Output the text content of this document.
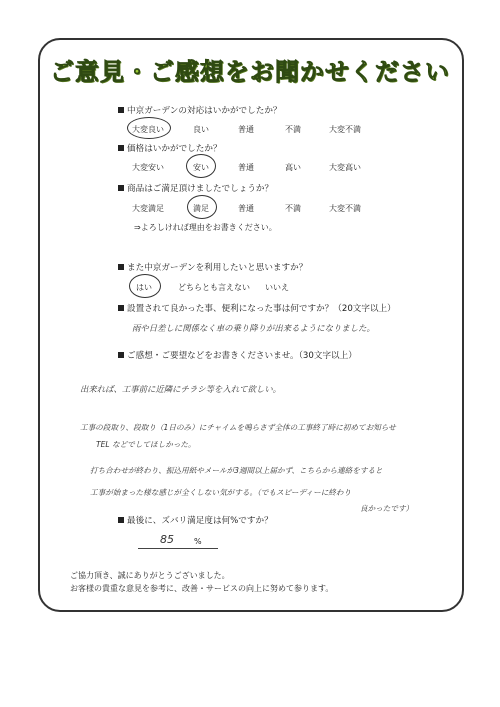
ご意見・ご感想をお聞かせください
中京ガーデンの対応はいかがでしたか？
大変良い	良い	普通	不満	大変不満
価格はいかがでしたか？
大変安い	安い	普通	高い	大変高い
商品はご満足頂けましたでしょうか？
大変満足	満足	普通	不満	大変不満
⇒よろしければ理由をお書きください。
また中京ガーデンを利用したいと思いますか？
はい	どちらとも言えない いいえ
設置されて良かった事、便利になった事は何ですか？（20文字以上）
雨や日差しに関係なく車の乗り降りが出来るようになりました。
ご感想・ご要望などをお書きくださいませ。（30文字以上）
出来れば、工事前に近隣にチラシ等を入れて欲しい。
工事の段取り、段取り（1日のみ）にチャイムを鳴らさず全体の工事終了時に初めてお知らせ
TEL などでしてほしかった。
打ち合わせが終わり、振込用紙やメールが3週間以上届かず、こちらから連絡をすると
工事が始まった様な感じが全くしない気がする。（でもスピーディーに終わり
良かったです）
最後に、ズバリ満足度は何%ですか？
85	%
ご協力頂き、誠にありがとうございました。
お客様の貴重な意見を参考に、改善・サービスの向上に努めて参ります。
